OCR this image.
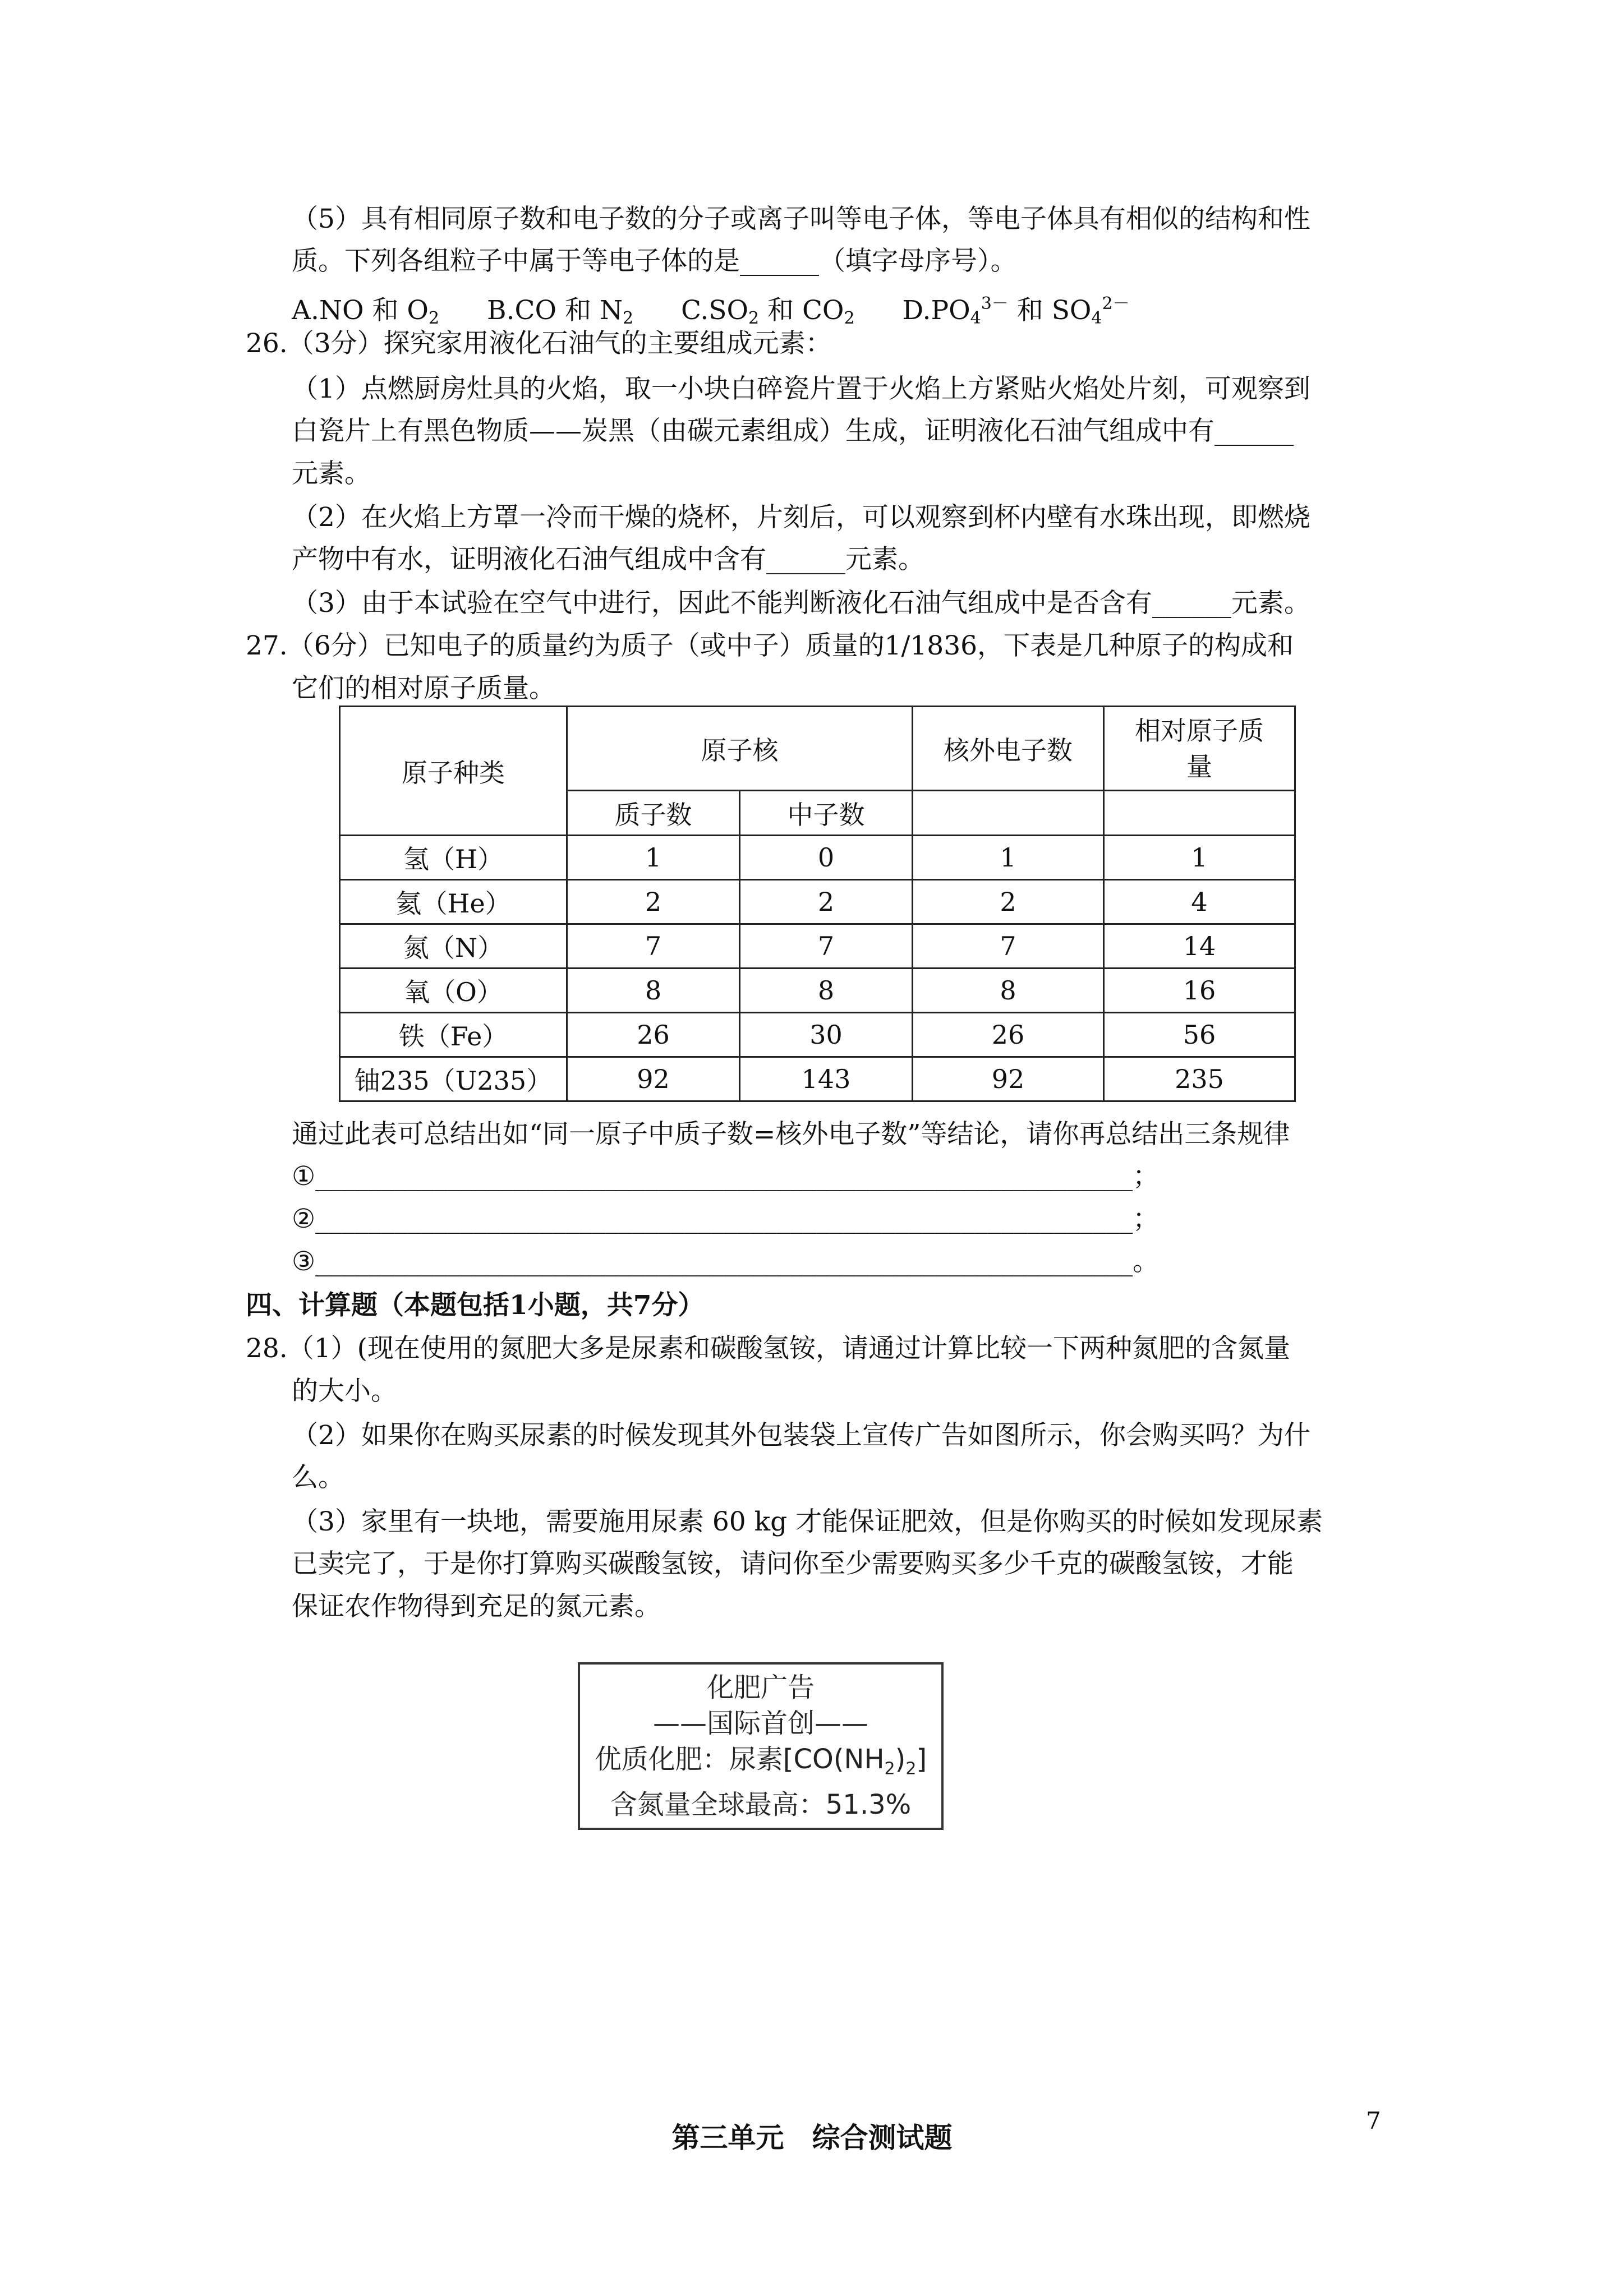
（5）具有相同原子数和电子数的分子或离子叫等电子体，等电子体具有相似的结构和性
质。下列各组粒子中属于等电子体的是______（填字母序号）。
A.NO 和 $O_2$ B.CO 和 $N_2$ $C.SO_2$ 和 $CO_2$ $D.PO_4^{3-}$ 和 $SO_4^{2-}$
26.（3分）探究家用液化石油气的主要组成元素：
（1）点燃厨房灶具的火焰，取一小块白碎瓷片置于火焰上方紧贴火焰处片刻，可观察到
白瓷片上有黑色物质——炭黑（由碳元素组成）生成，证明液化石油气组成中有______
元素。
（2）在火焰上方罩一冷而干燥的烧杯，片刻后，可以观察到杯内壁有水珠出现，即燃烧
产物中有水，证明液化石油气组成中含有______元素。
（3）由于本试验在空气中进行，因此不能判断液化石油气组成中是否含有______元素。
27.（6分）已知电子的质量约为质子（或中子）质量的1/1836，下表是几种原子的构成和
它们的相对原子质量。
原子种类	原子核		核外电子数	相对原子质
量
	质子数	中子数		
氢（H）	1	0	1	1
氦（He）	2	2	2	4
氮（N）	7	7	7	14
氧（O）	8	8	8	16
铁（Fe）	26	30	26	56
铀235（U235）	92	143	92	235
通过此表可总结出如“同一原子中质子数=核外电子数”等结论，请你再总结出三条规律
①______________________________________________________________；
②______________________________________________________________；
③______________________________________________________________。
四、计算题（本题包括1小题，共7分）
28.（1）(现在使用的氮肥大多是尿素和碳酸氢铵，请通过计算比较一下两种氮肥的含氮量
的大小。
（2）如果你在购买尿素的时候发现其外包装袋上宣传广告如图所示，你会购买吗？为什
么。
（3）家里有一块地，需要施用尿素 60 kg 才能保证肥效，但是你购买的时候如发现尿素
已卖完了，于是你打算购买碳酸氢铵，请问你至少需要购买多少千克的碳酸氢铵，才能
保证农作物得到充足的氮元素。
化肥广告
——国际首创——
优质化肥：尿素$[CO(NH_2)_2]$
含氮量全球最高：51.3%
第三单元　综合测试题
7
